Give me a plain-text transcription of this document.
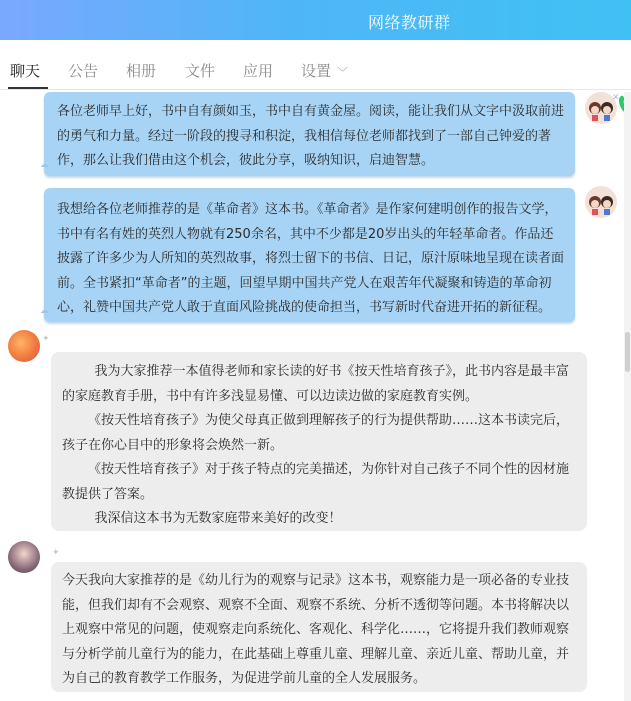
网络教研群
聊天 公告 相册 文件 应用 设置 ﹀
✕

各位老师早上好，书中自有颜如玉，书中自有黄金屋。阅读，能让我们从文字中汲取前进的勇气和力量。经过一阶段的搜寻和积淀，我相信每位老师都找到了一部自己钟爱的著作，那么让我们借由这个机会，彼此分享，吸纳知识，启迪智慧。

☁

我想给各位老师推荐的是《革命者》这本书。《革命者》是作家何建明创作的报告文学，书中有名有姓的英烈人物就有250余名，其中不少都是20岁出头的年轻革命者。作品还披露了许多少为人所知的英烈故事，将烈士留下的书信、日记，原汁原味地呈现在读者面前。全书紧扣“革命者”的主题，回望早期中国共产党人在艰苦年代凝聚和铸造的革命初心，礼赞中国共产党人敢于直面风险挑战的使命担当，书写新时代奋进开拓的新征程。

☁
✦

我为大家推荐一本值得老师和家长读的好书《按天性培育孩子》，此书内容是最丰富的家庭教育手册，书中有许多浅显易懂、可以边读边做的家庭教育实例。

《按天性培育孩子》为使父母真正做到理解孩子的行为提供帮助……这本书读完后，孩子在你心目中的形象将会焕然一新。

《按天性培育孩子》对于孩子特点的完美描述，为你针对自己孩子不同个性的因材施教提供了答案。

我深信这本书为无数家庭带来美好的改变！

✦

今天我向大家推荐的是《幼儿行为的观察与记录》这本书，观察能力是一项必备的专业技能，但我们却有不会观察、观察不全面、观察不系统、分析不透彻等问题。本书将解决以上观察中常见的问题，使观察走向系统化、客观化、科学化……，它将提升我们教师观察与分析学前儿童行为的能力，在此基础上尊重儿童、理解儿童、亲近儿童、帮助儿童，并为自己的教育教学工作服务，为促进学前儿童的全人发展服务。
